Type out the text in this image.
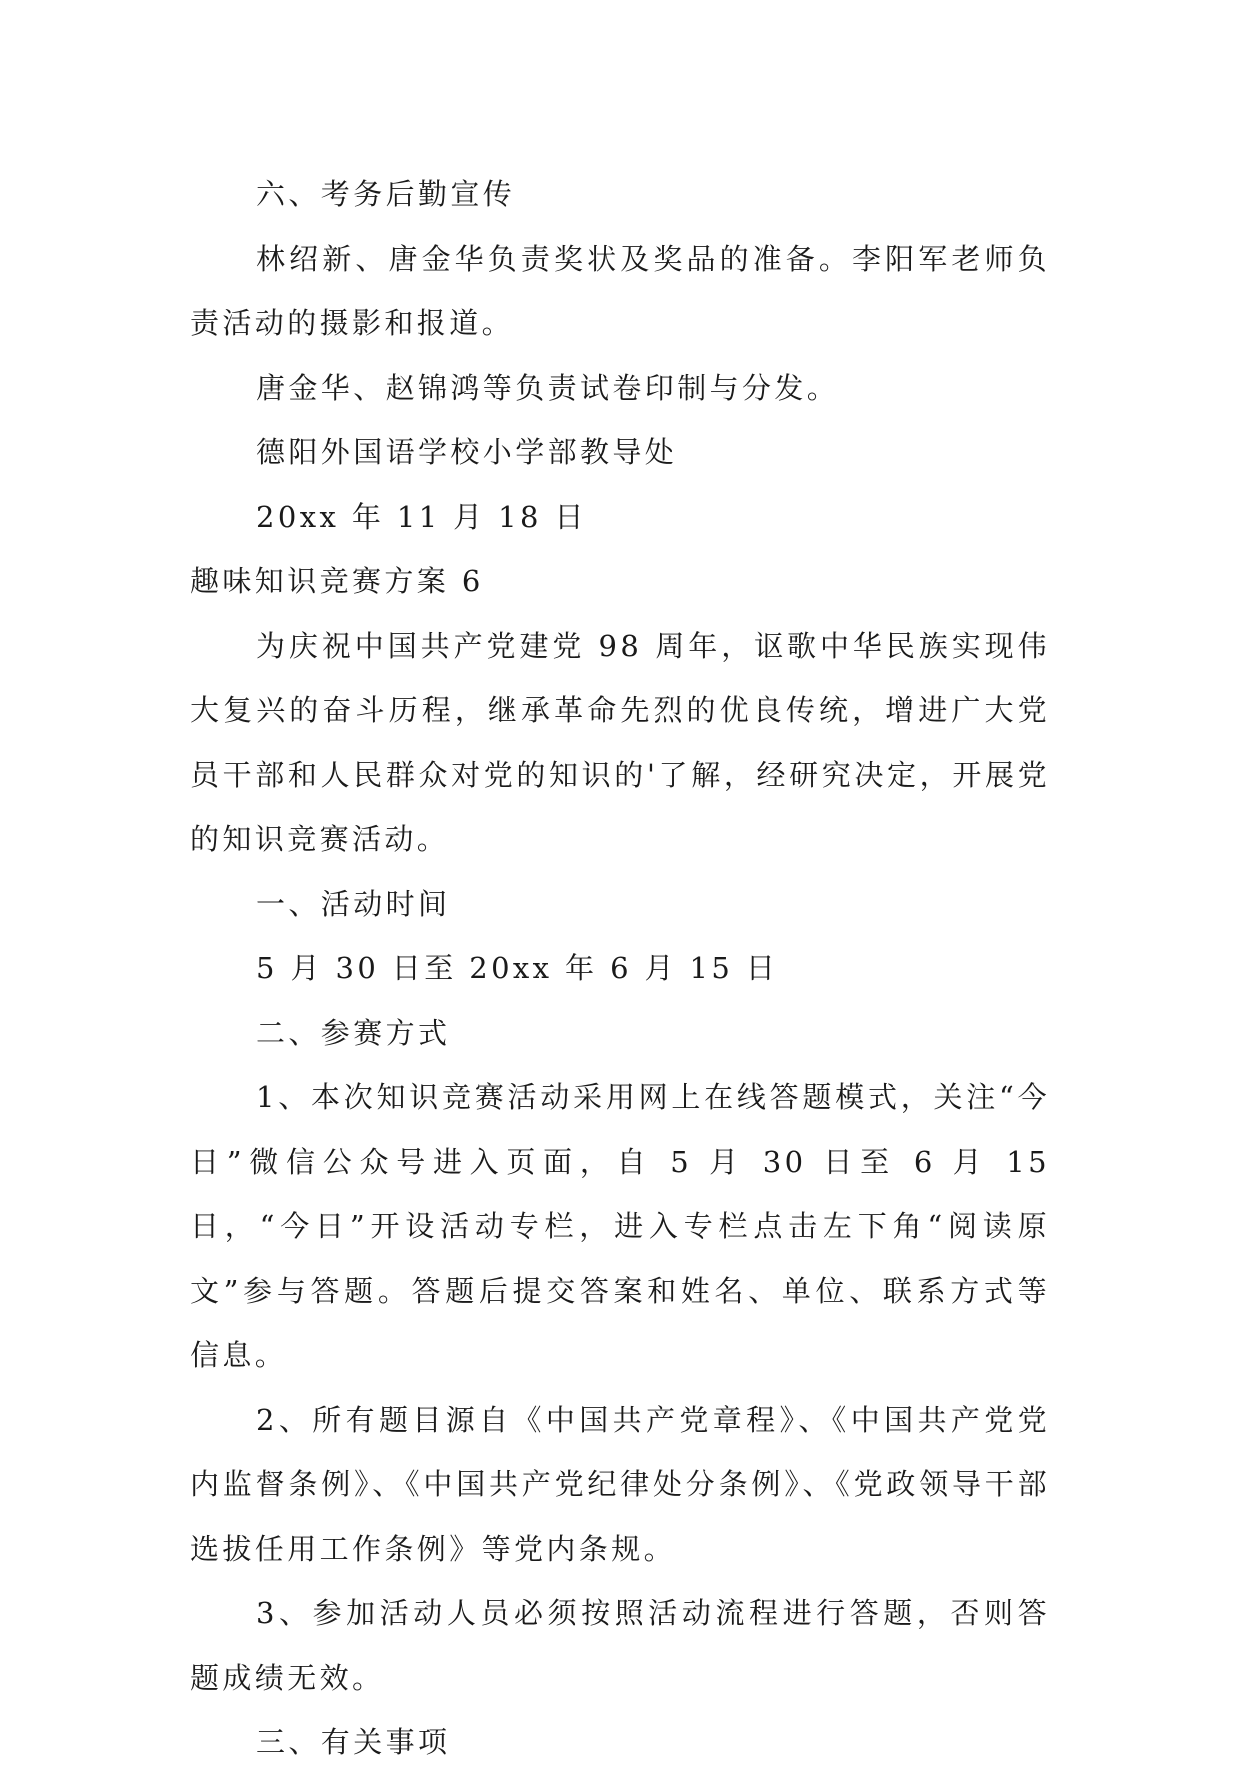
六、考务后勤宣传

林绍新、唐金华负责奖状及奖品的准备。李阳军老师负责活动的摄影和报道。

唐金华、赵锦鸿等负责试卷印制与分发。

德阳外国语学校小学部教导处

20xx 年 11 月 18 日

趣味知识竞赛方案 6

为庆祝中国共产党建党 98 周年，讴歌中华民族实现伟大复兴的奋斗历程，继承革命先烈的优良传统，增进广大党员干部和人民群众对党的知识的'了解，经研究决定，开展党的知识竞赛活动。

一、活动时间

5 月 30 日至 20xx 年 6 月 15 日

二、参赛方式

1、本次知识竞赛活动采用网上在线答题模式，关注“今日”微信公众号进入页面，自 5 月 30 日至 6 月 15 日，“今日”开设活动专栏，进入专栏点击左下角“阅读原文”参与答题。答题后提交答案和姓名、单位、联系方式等信息。

2、所有题目源自《中国共产党章程》、《中国共产党党内监督条例》、《中国共产党纪律处分条例》、《党政领导干部选拔任用工作条例》等党内条规。

3、参加活动人员必须按照活动流程进行答题，否则答题成绩无效。

三、有关事项
